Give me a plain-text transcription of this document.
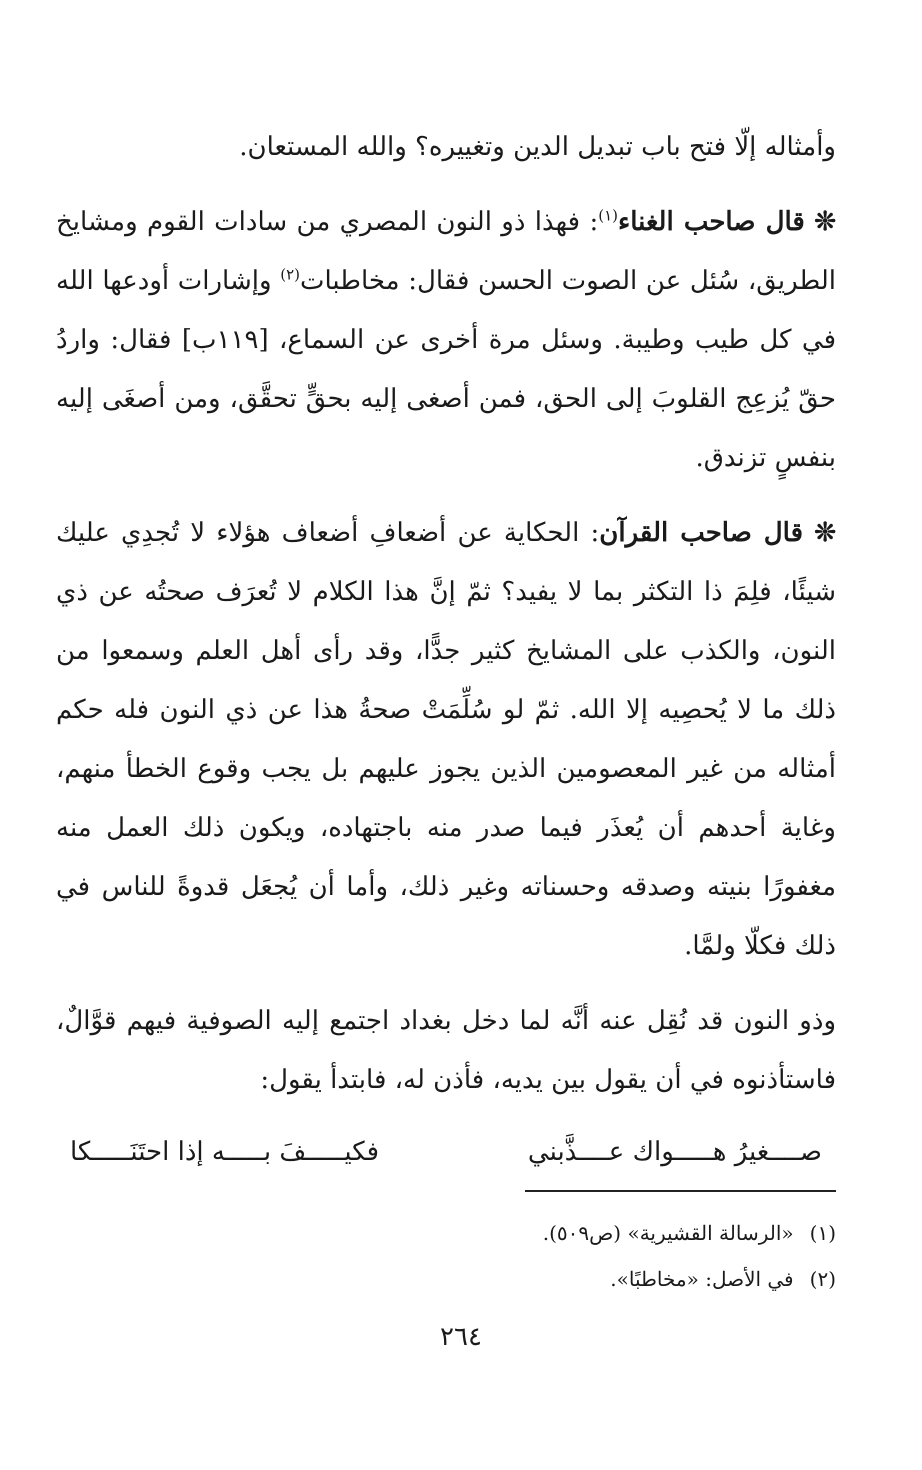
وأمثاله إلّا فتح باب تبديل الدين وتغييره؟ والله المستعان.

❊ قال صاحب الغناء$^{(١)}$: فهذا ذو النون المصري من سادات القوم ومشايخ الطريق، سُئل عن الصوت الحسن فقال: مخاطبات$^{(٢)}$ وإشارات أودعها الله في كل طيب وطيبة. وسئل مرة أخرى عن السماع، [١١٩ب] فقال: واردُ حقّ يُزعِج القلوبَ إلى الحق، فمن أصغى إليه بحقٍّ تحقَّق، ومن أصغَى إليه بنفسٍ تزندق.

❊ قال صاحب القرآن: الحكاية عن أضعافِ أضعاف هؤلاء لا تُجدِي عليك شيئًا، فلِمَ ذا التكثر بما لا يفيد؟ ثمّ إنَّ هذا الكلام لا تُعرَف صحتُه عن ذي النون، والكذب على المشايخ كثير جدًّا، وقد رأى أهل العلم وسمعوا من ذلك ما لا يُحصِيه إلا الله. ثمّ لو سُلِّمَتْ صحةُ هذا عن ذي النون فله حكم أمثاله من غير المعصومين الذين يجوز عليهم بل يجب وقوع الخطأ منهم، وغاية أحدهم أن يُعذَر فيما صدر منه باجتهاده، ويكون ذلك العمل منه مغفورًا بنيته وصدقه وحسناته وغير ذلك، وأما أن يُجعَل قدوةً للناس في ذلك فكلّا ولمَّا.

وذو النون قد نُقِل عنه أنَّه لما دخل بغداد اجتمع إليه الصوفية فيهم قوَّالٌ، فاستأذنوه في أن يقول بين يديه، فأذن له، فابتدأ يقول:

صــــغيرُ هـــــواك عــــذَّبني
فكيـــــفَ بـــــه إذا احتَنَـــــكا

(١)«الرسالة القشيرية» (ص٥٠٩).

(٢)في الأصل: «مخاطبًا».

٢٦٤
